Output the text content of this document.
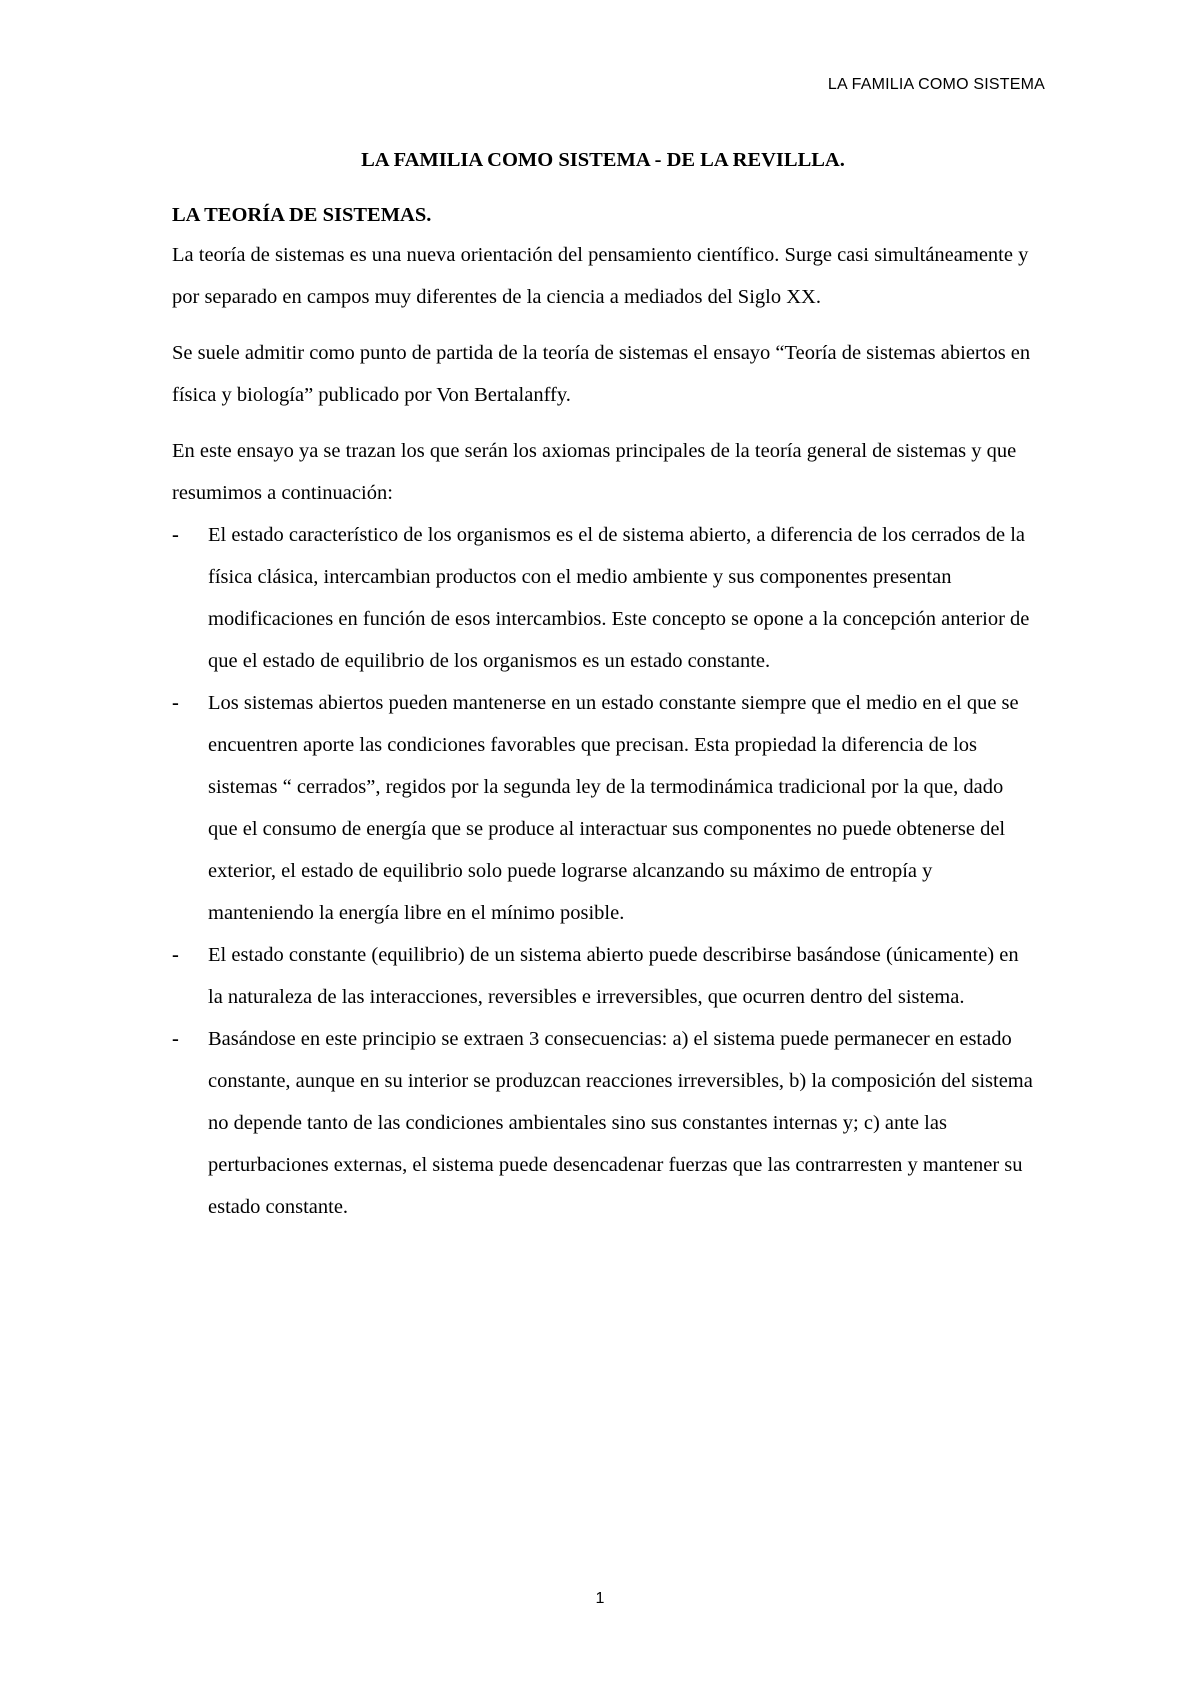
LA FAMILIA COMO SISTEMA
LA FAMILIA COMO SISTEMA - DE LA REVILLLA.
LA TEORÍA DE SISTEMAS.

La teoría de sistemas es una nueva orientación del pensamiento científico. Surge casi simultáneamente y por separado en campos muy diferentes de la ciencia a mediados del Siglo XX.

Se suele admitir como punto de partida de la teoría de sistemas el ensayo “Teoría de sistemas abiertos en física y biología” publicado por Von Bertalanffy.

En este ensayo ya se trazan los que serán los axiomas principales de la teoría general de sistemas y que resumimos a continuación:

- El estado característico de los organismos es el de sistema abierto, a diferencia de los cerrados de la física clásica, intercambian productos con el medio ambiente y sus componentes presentan modificaciones en función de esos intercambios. Este concepto se opone a la concepción anterior de que el estado de equilibrio de los organismos es un estado constante.
- Los sistemas abiertos pueden mantenerse en un estado constante siempre que el medio en el que se encuentren aporte las condiciones favorables que precisan. Esta propiedad la diferencia de los sistemas “ cerrados”, regidos por la segunda ley de la termodinámica tradicional por la que, dado que el consumo de energía que se produce al interactuar sus componentes no puede obtenerse del exterior, el estado de equilibrio solo puede lograrse alcanzando su máximo de entropía y manteniendo la energía libre en el mínimo posible.
- El estado constante (equilibrio) de un sistema abierto puede describirse basándose (únicamente) en la naturaleza de las interacciones, reversibles e irreversibles, que ocurren dentro del sistema.
- Basándose en este principio se extraen 3 consecuencias: a) el sistema puede permanecer en estado constante, aunque en su interior se produzcan reacciones irreversibles, b) la composición del sistema no depende tanto de las condiciones ambientales sino sus constantes internas y; c) ante las perturbaciones externas, el sistema puede desencadenar fuerzas que las contrarresten y mantener su estado constante.
1
